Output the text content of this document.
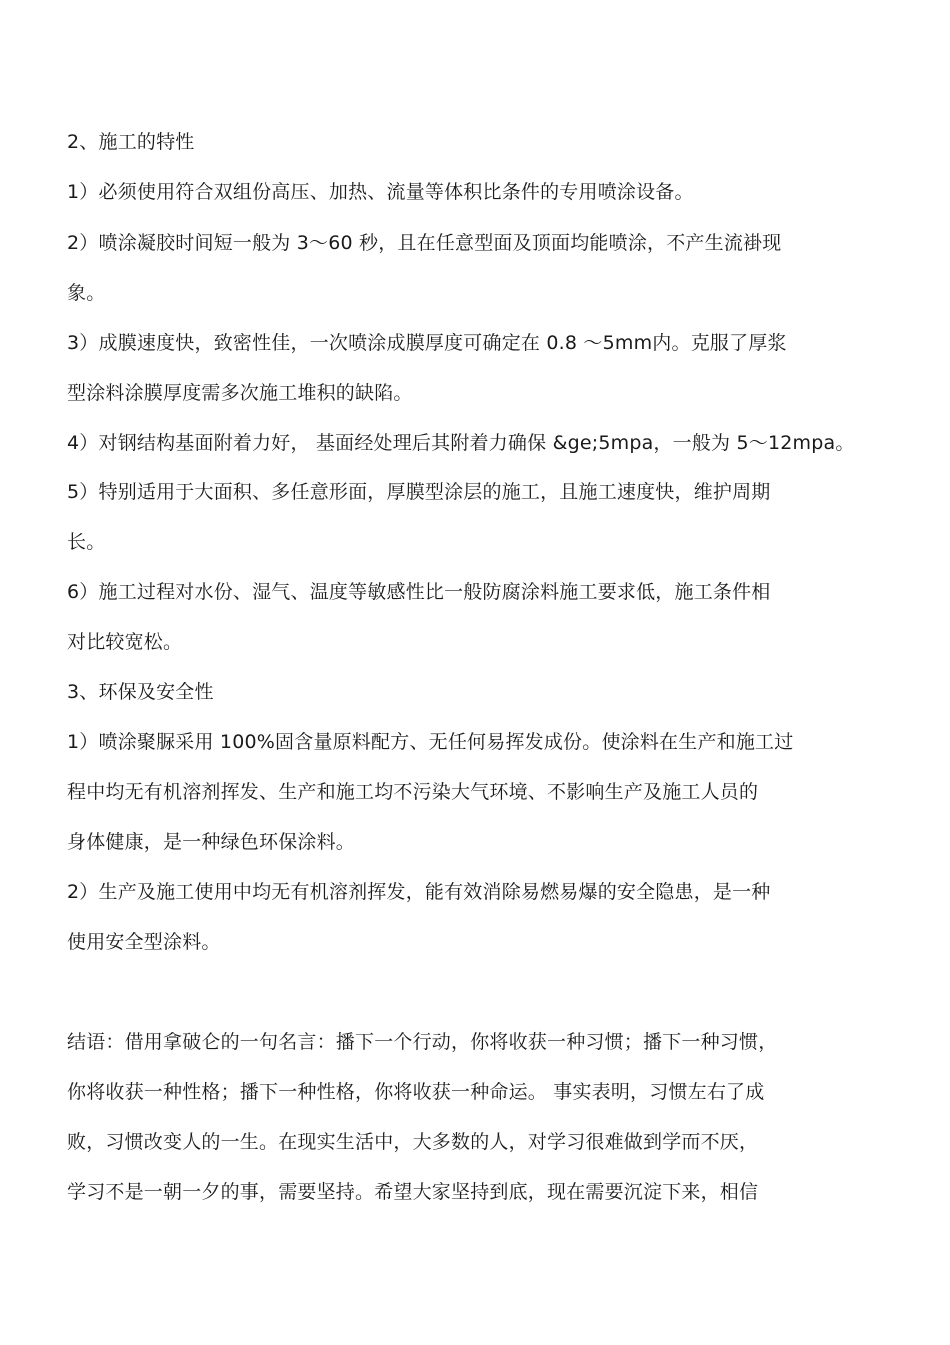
2、施工的特性
1）必须使用符合双组份高压、加热、流量等体积比条件的专用喷涂设备。
2）喷涂凝胶时间短一般为 3～60 秒，且在任意型面及顶面均能喷涂，不产生流褂现
象。
3）成膜速度快，致密性佳，一次喷涂成膜厚度可确定在 0.8 ～5mm内。克服了厚浆
型涂料涂膜厚度需多次施工堆积的缺陷。
4）对钢结构基面附着力好， 基面经处理后其附着力确保 &ge;5mpa，一般为 5～12mpa。
5）特别适用于大面积、多任意形面，厚膜型涂层的施工，且施工速度快，维护周期
长。
6）施工过程对水份、湿气、温度等敏感性比一般防腐涂料施工要求低，施工条件相
对比较宽松。
3、环保及安全性
1）喷涂聚脲采用 100%固含量原料配方、无任何易挥发成份。使涂料在生产和施工过
程中均无有机溶剂挥发、生产和施工均不污染大气环境、不影响生产及施工人员的
身体健康，是一种绿色环保涂料。
2）生产及施工使用中均无有机溶剂挥发，能有效消除易燃易爆的安全隐患，是一种
使用安全型涂料。
结语：借用拿破仑的一句名言：播下一个行动，你将收获一种习惯；播下一种习惯，
你将收获一种性格；播下一种性格，你将收获一种命运。 事实表明，习惯左右了成
败，习惯改变人的一生。在现实生活中，大多数的人，对学习很难做到学而不厌，
学习不是一朝一夕的事，需要坚持。希望大家坚持到底，现在需要沉淀下来，相信
